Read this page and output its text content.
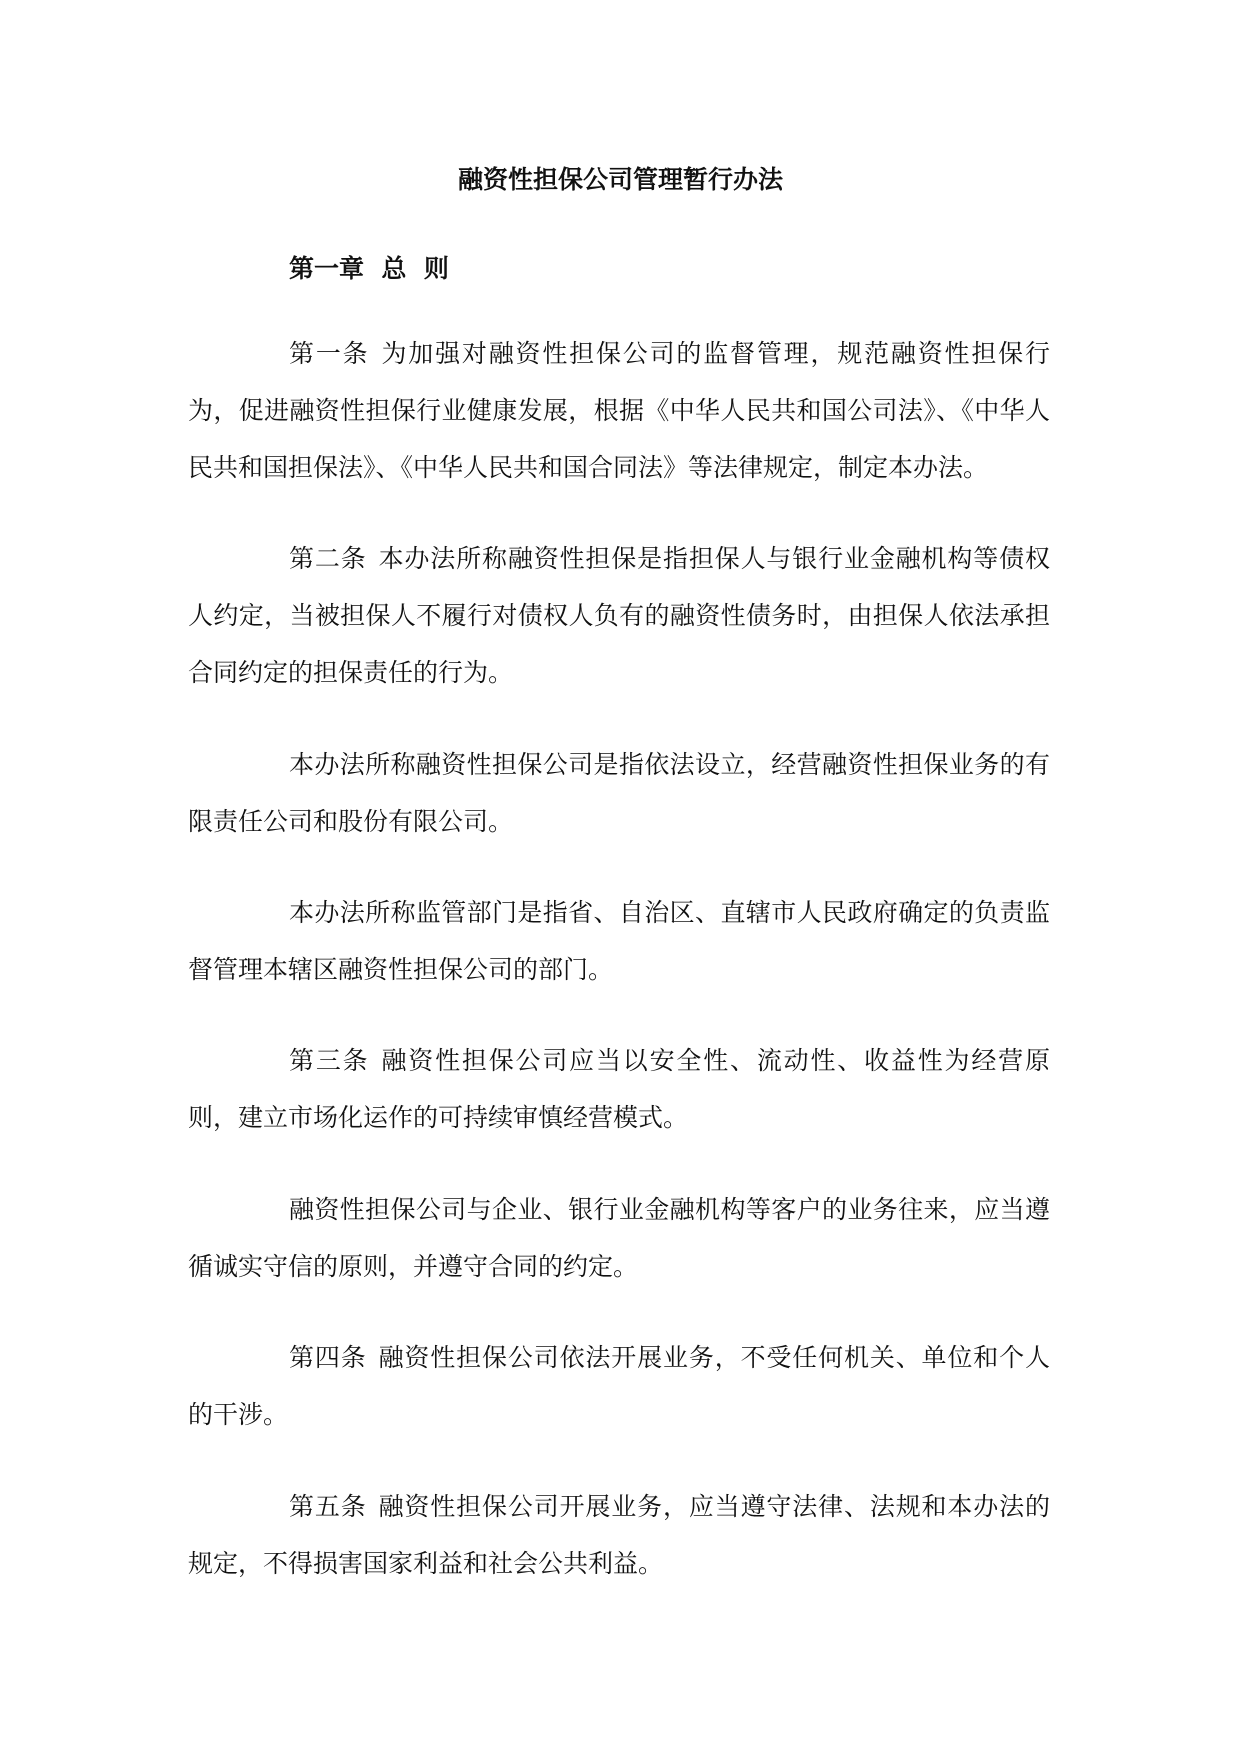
融资性担保公司管理暂行办法
第一章  总  则

第一条 为加强对融资性担保公司的监督管理，规范融资性担保行为，促进融资性担保行业健康发展，根据《中华人民共和国公司法》、《中华人民共和国担保法》、《中华人民共和国合同法》等法律规定，制定本办法。

第二条 本办法所称融资性担保是指担保人与银行业金融机构等债权人约定，当被担保人不履行对债权人负有的融资性债务时，由担保人依法承担合同约定的担保责任的行为。

本办法所称融资性担保公司是指依法设立，经营融资性担保业务的有限责任公司和股份有限公司。

本办法所称监管部门是指省、自治区、直辖市人民政府确定的负责监督管理本辖区融资性担保公司的部门。

第三条 融资性担保公司应当以安全性、流动性、收益性为经营原则，建立市场化运作的可持续审慎经营模式。

融资性担保公司与企业、银行业金融机构等客户的业务往来，应当遵循诚实守信的原则，并遵守合同的约定。

第四条 融资性担保公司依法开展业务，不受任何机关、单位和个人的干涉。

第五条 融资性担保公司开展业务，应当遵守法律、法规和本办法的规定，不得损害国家利益和社会公共利益。
